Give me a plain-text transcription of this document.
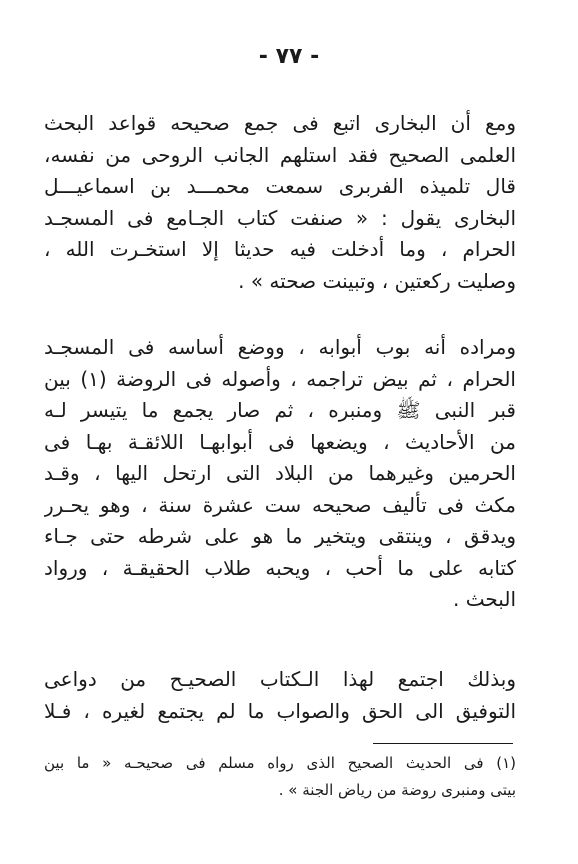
- ٧٧ -
ومع أن البخارى اتبع فى جمع صحيحه قواعد البحث
العلمى الصحيح فقد استلهم الجانب الروحى من نفسه،
قال تلميذه الفربرى سمعت محمـــد بن اسماعيـــل
البخارى يقول : « صنفت كتاب الجـامع فى المسجـد
الحرام ، وما أدخلت فيه حديثا إلا استخـرت الله ،
وصليت ركعتين ، وتبينت صحته » .
ومراده أنه بوب أبوابه ، ووضع أساسه فى المسجـد
الحرام ، ثم بيض تراجمه ، وأصوله فى الروضة (١) بين
قبر النبى ﷺ ومنبره ، ثم صار يجمع ما يتيسر لـه
من الأحاديث ، ويضعها فى أبوابهـا اللائقـة بهـا فى
الحرمين وغيرهما من البلاد التى ارتحل اليها ، وقـد
مكث فى تأليف صحيحه ست عشرة سنة ، وهو يحـرر
ويدقق ، وينتقى ويتخير ما هو على شرطه حتى جـاء
كتابه على ما أحب ، ويحبه طلاب الحقيقـة ، ورواد
البحث .
وبذلك اجتمع لهذا الـكتاب الصحيـح من دواعى
التوفيق الى الحق والصواب ما لم يجتمع لغيره ، فـلا
(١) فى الحديث الصحيح الذى رواه مسلم فى صحيحـه « ما بين
بيتى ومنبرى روضة من رياض الجنة » .
